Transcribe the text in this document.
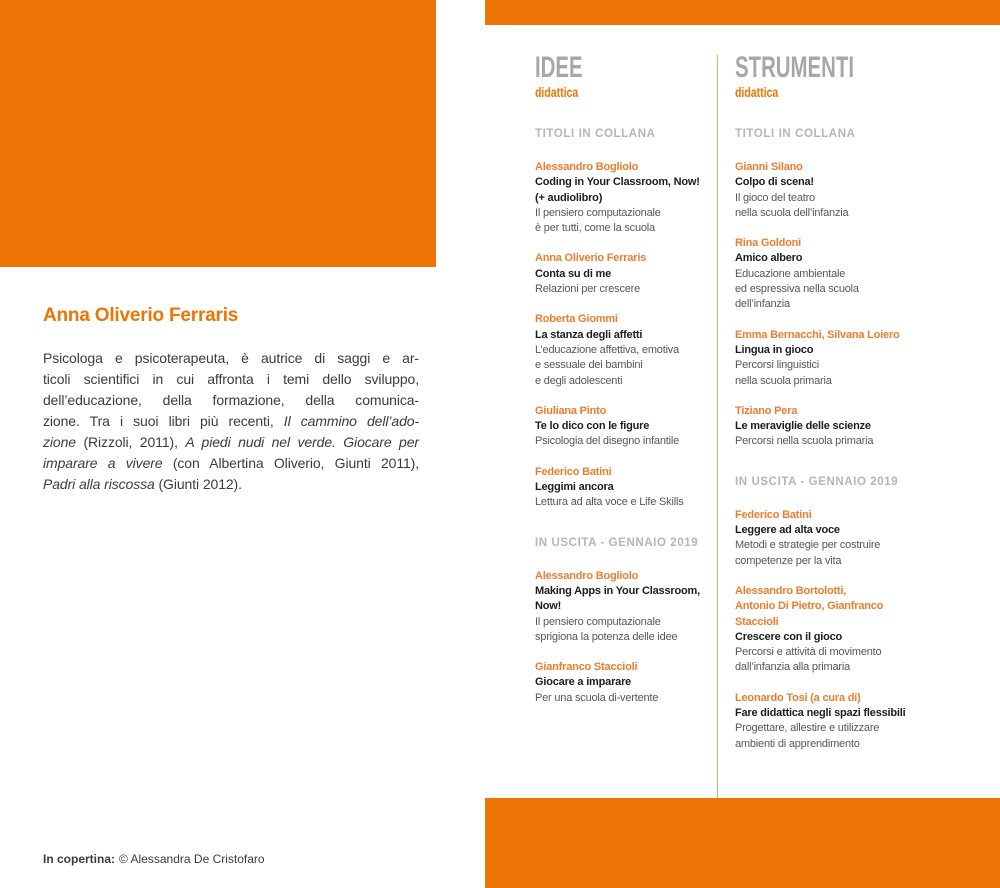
Anna Oliverio Ferraris
Psicologa e psicoterapeuta, è autrice di saggi e ar-
ticoli scientifici in cui affronta i temi dello sviluppo,
dell’educazione, della formazione, della comunica-
zione. Tra i suoi libri più recenti, Il cammino dell’ado-
zione (Rizzoli, 2011), A piedi nudi nel verde. Giocare per
imparare a vivere (con Albertina Oliverio, Giunti 2011),
Padri alla riscossa (Giunti 2012).
In copertina: © Alessandra De Cristofaro
IDEE
didattica
TITOLI IN COLLANA
Alessandro Bogliolo
Coding in Your Classroom, Now!
(+ audiolibro)
Il pensiero computazionale
è per tutti, come la scuola
Anna Oliverio Ferraris
Conta su di me
Relazioni per crescere
Roberta Giommi
La stanza degli affetti
L’educazione affettiva, emotiva
e sessuale dei bambini
e degli adolescenti
Giuliana Pinto
Te lo dico con le figure
Psicologia del disegno infantile
Federico Batini
Leggimi ancora
Lettura ad alta voce e Life Skills
IN USCITA - GENNAIO 2019
Alessandro Bogliolo
Making Apps in Your Classroom,
Now!
Il pensiero computazionale
sprigiona la potenza delle idee
Gianfranco Staccioli
Giocare a imparare
Per una scuola di-vertente
STRUMENTI
didattica
TITOLI IN COLLANA
Gianni Silano
Colpo di scena!
Il gioco del teatro
nella scuola dell’infanzia
Rina Goldoni
Amico albero
Educazione ambientale
ed espressiva nella scuola
dell’infanzia
Emma Bernacchi, Silvana Loiero
Lingua in gioco
Percorsi linguistici
nella scuola primaria
Tiziano Pera
Le meraviglie delle scienze
Percorsi nella scuola primaria
IN USCITA - GENNAIO 2019
Federico Batini
Leggere ad alta voce
Metodi e strategie per costruire
competenze per la vita
Alessandro Bortolotti,
Antonio Di Pietro, Gianfranco
Staccioli
Crescere con il gioco
Percorsi e attività di movimento
dall’infanzia alla primaria
Leonardo Tosi (a cura di)
Fare didattica negli spazi flessibili
Progettare, allestire e utilizzare
ambienti di apprendimento
